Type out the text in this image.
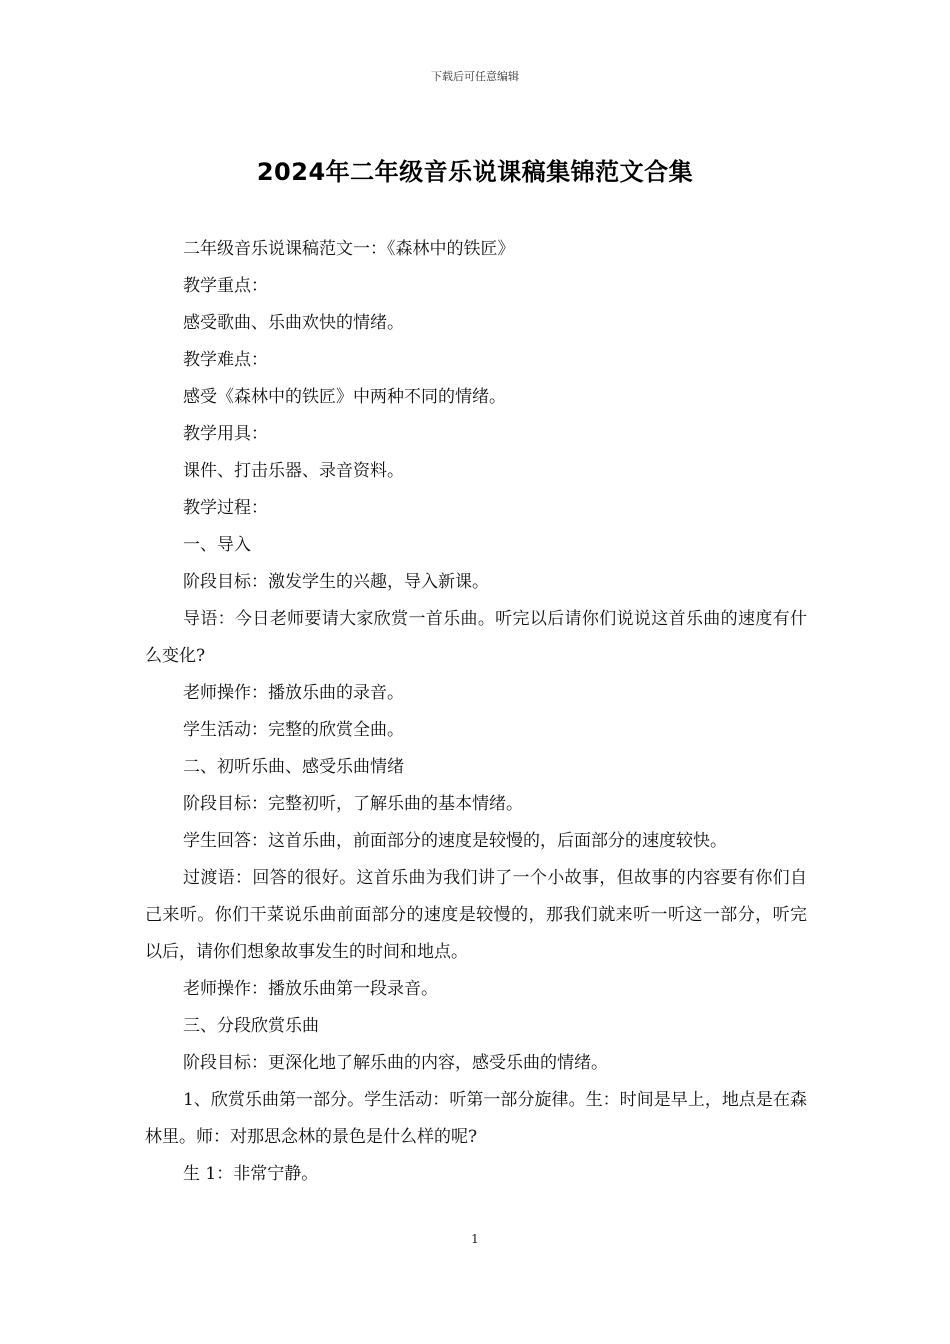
下载后可任意编辑
2024年二年级音乐说课稿集锦范文合集

二年级音乐说课稿范文一：《森林中的铁匠》

教学重点：

感受歌曲、乐曲欢快的情绪。

教学难点：

感受《森林中的铁匠》中两种不同的情绪。

教学用具：

课件、打击乐器、录音资料。

教学过程：

一、导入

阶段目标：激发学生的兴趣，导入新课。

导语：今日老师要请大家欣赏一首乐曲。听完以后请你们说说这首乐曲的速度有什么变化?

老师操作：播放乐曲的录音。

学生活动：完整的欣赏全曲。

二、初听乐曲、感受乐曲情绪

阶段目标：完整初听，了解乐曲的基本情绪。

学生回答：这首乐曲，前面部分的速度是较慢的，后面部分的速度较快。

过渡语：回答的很好。这首乐曲为我们讲了一个小故事，但故事的内容要有你们自己来听。你们干菜说乐曲前面部分的速度是较慢的，那我们就来听一听这一部分，听完以后，请你们想象故事发生的时间和地点。

老师操作：播放乐曲第一段录音。

三、分段欣赏乐曲

阶段目标：更深化地了解乐曲的内容，感受乐曲的情绪。

1、欣赏乐曲第一部分。学生活动：听第一部分旋律。生：时间是早上，地点是在森林里。师：对那思念林的景色是什么样的呢?

生 1：非常宁静。

1
